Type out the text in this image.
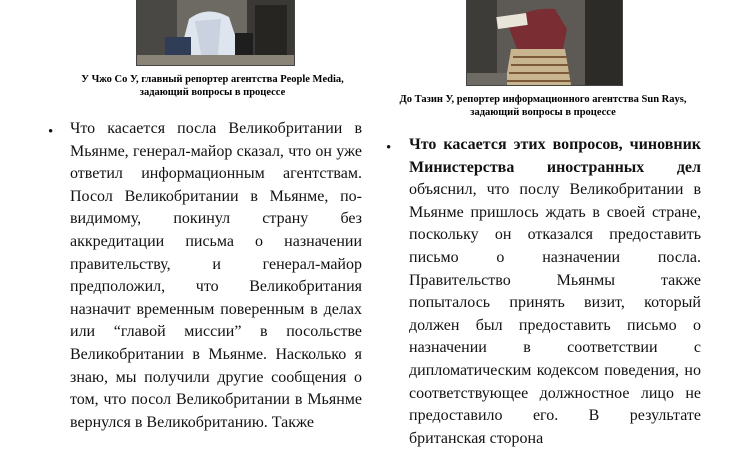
У Чжо Со У, главный репортер агентства People Media, задающий вопросы в процессе
До Тазин У, репортер информационного агентства Sun Rays, задающий вопросы в процессе
• Что касается посла Великобритании в Мьянме, генерал-майор сказал, что он уже ответил информационным агентствам. Посол Великобритании в Мьянме, по-видимому, покинул страну без аккредитации письма о назначении правительству, и генерал-майор предположил, что Великобритания назначит временным поверенным в делах или “главой миссии” в посольстве Великобритании в Мьянме. Насколько я знаю, мы получили другие сообщения о том, что посол Великобритании в Мьянме вернулся в Великобританию. Также

• Что касается этих вопросов, чиновник Министерства иностранных дел объяснил, что послу Великобритании в Мьянме пришлось ждать в своей стране, поскольку он отказался предоставить письмо о назначении посла. Правительство Мьянмы также попыталось принять визит, который должен был предоставить письмо о назначении в соответствии с дипломатическим кодексом поведения, но соответствующее должностное лицо не предоставило его. В результате британская сторона
